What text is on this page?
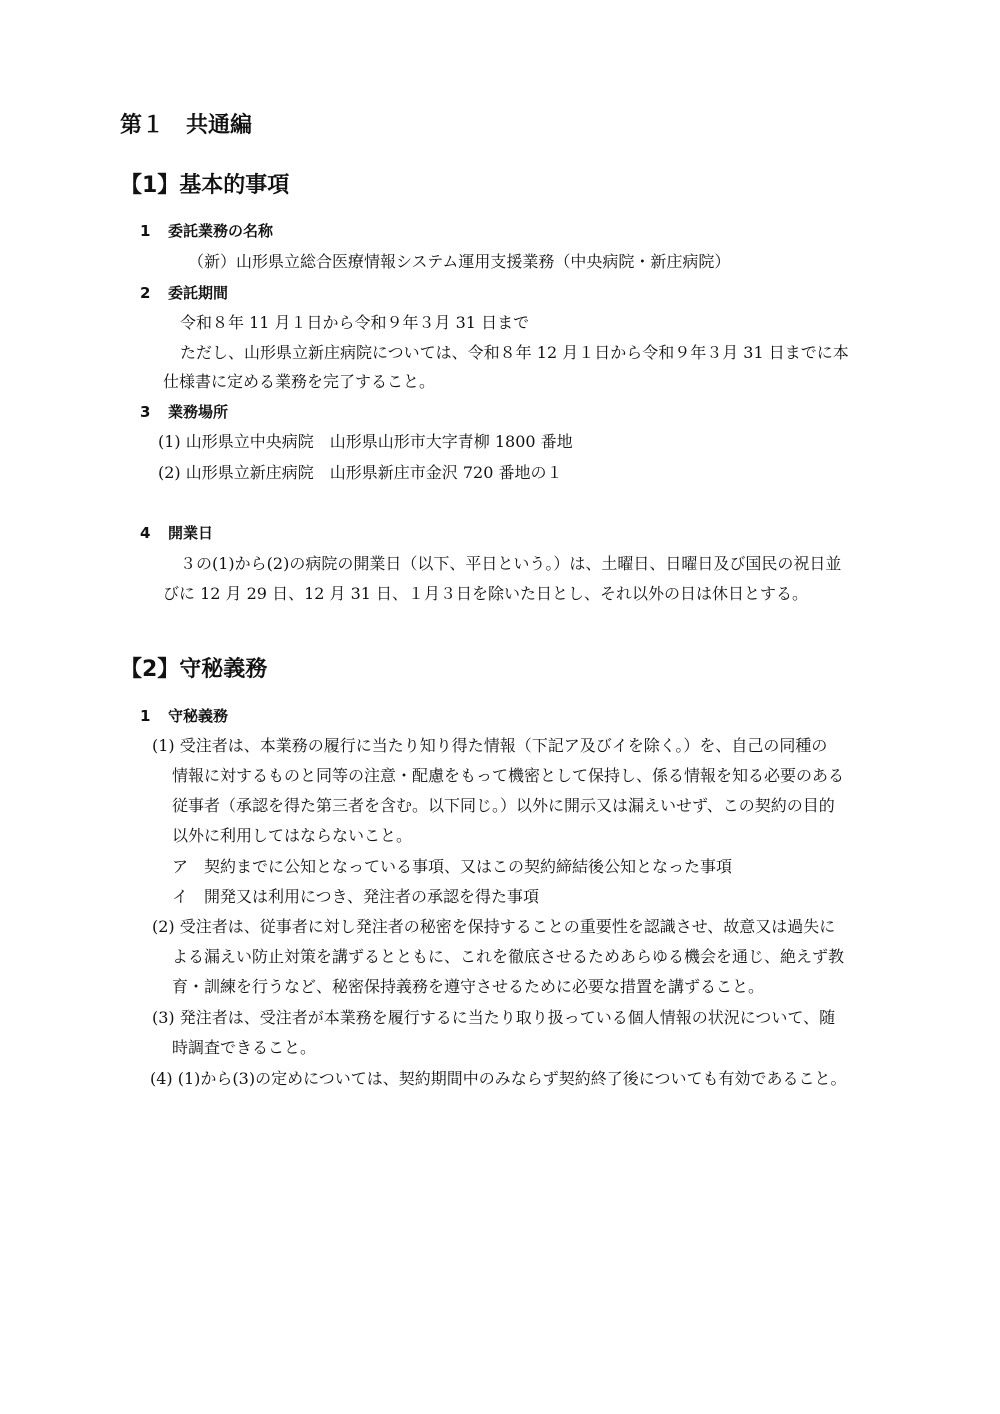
第１　共通編
【1】基本的事項
1 委託業務の名称
（新）山形県立総合医療情報システム運用支援業務（中央病院・新庄病院）
2 委託期間
令和８年 11 月１日から令和９年３月 31 日まで
ただし、山形県立新庄病院については、令和８年 12 月１日から令和９年３月 31 日までに本
仕様書に定める業務を完了すること。
3 業務場所
(1) 山形県立中央病院　山形県山形市大字青柳 1800 番地
(2) 山形県立新庄病院　山形県新庄市金沢 720 番地の１
4 開業日
３の(1)から(2)の病院の開業日（以下、平日という。）は、土曜日、日曜日及び国民の祝日並
びに 12 月 29 日、12 月 31 日、１月３日を除いた日とし、それ以外の日は休日とする。
【2】守秘義務
1 守秘義務
(1) 受注者は、本業務の履行に当たり知り得た情報（下記ア及びイを除く。）を、自己の同種の
情報に対するものと同等の注意・配慮をもって機密として保持し、係る情報を知る必要のある
従事者（承認を得た第三者を含む。以下同じ。）以外に開示又は漏えいせず、この契約の目的
以外に利用してはならないこと。
ア　契約までに公知となっている事項、又はこの契約締結後公知となった事項
イ　開発又は利用につき、発注者の承認を得た事項
(2) 受注者は、従事者に対し発注者の秘密を保持することの重要性を認識させ、故意又は過失に
よる漏えい防止対策を講ずるとともに、これを徹底させるためあらゆる機会を通じ、絶えず教
育・訓練を行うなど、秘密保持義務を遵守させるために必要な措置を講ずること。
(3) 発注者は、受注者が本業務を履行するに当たり取り扱っている個人情報の状況について、随
時調査できること。
(4) (1)から(3)の定めについては、契約期間中のみならず契約終了後についても有効であること。
